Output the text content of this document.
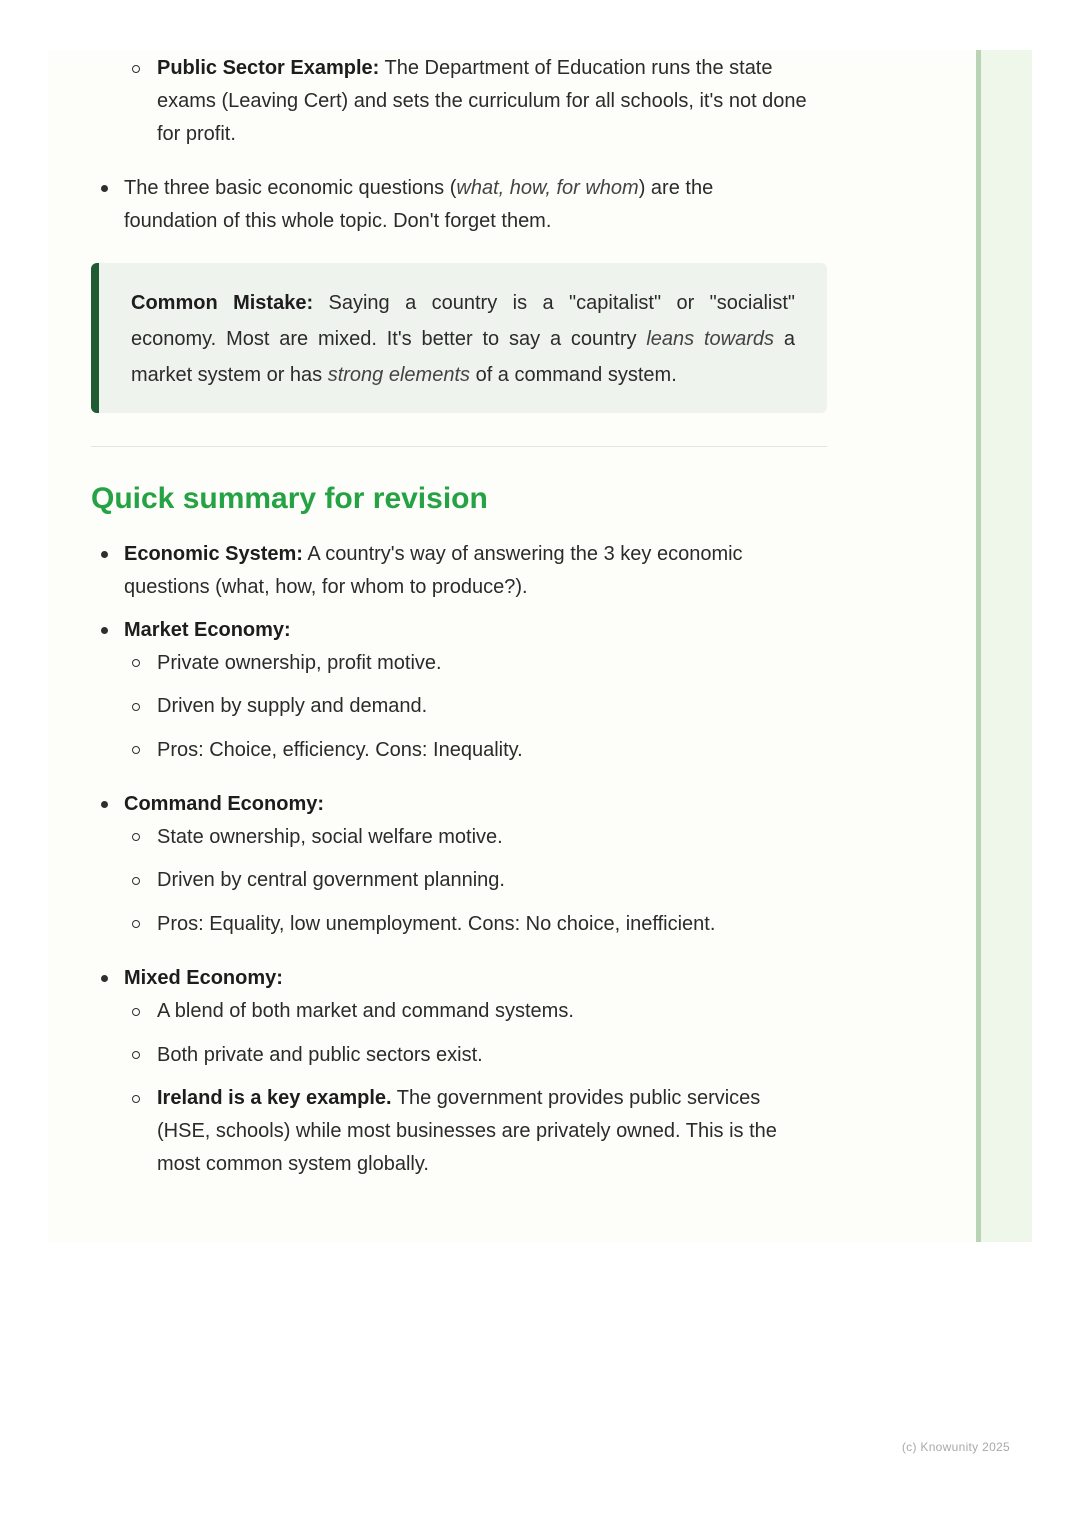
Public Sector Example: The Department of Education runs the state exams (Leaving Cert) and sets the curriculum for all schools, it's not done for profit.
The three basic economic questions (what, how, for whom) are the foundation of this whole topic. Don't forget them.
Common Mistake: Saying a country is a "capitalist" or "socialist" economy. Most are mixed. It's better to say a country leans towards a market system or has strong elements of a command system.
Quick summary for revision
Economic System: A country's way of answering the 3 key economic questions (what, how, for whom to produce?).
Market Economy:
Private ownership, profit motive.
Driven by supply and demand.
Pros: Choice, efficiency. Cons: Inequality.
Command Economy:
State ownership, social welfare motive.
Driven by central government planning.
Pros: Equality, low unemployment. Cons: No choice, inefficient.
Mixed Economy:
A blend of both market and command systems.
Both private and public sectors exist.
Ireland is a key example. The government provides public services (HSE, schools) while most businesses are privately owned. This is the most common system globally.
(c) Knowunity 2025
